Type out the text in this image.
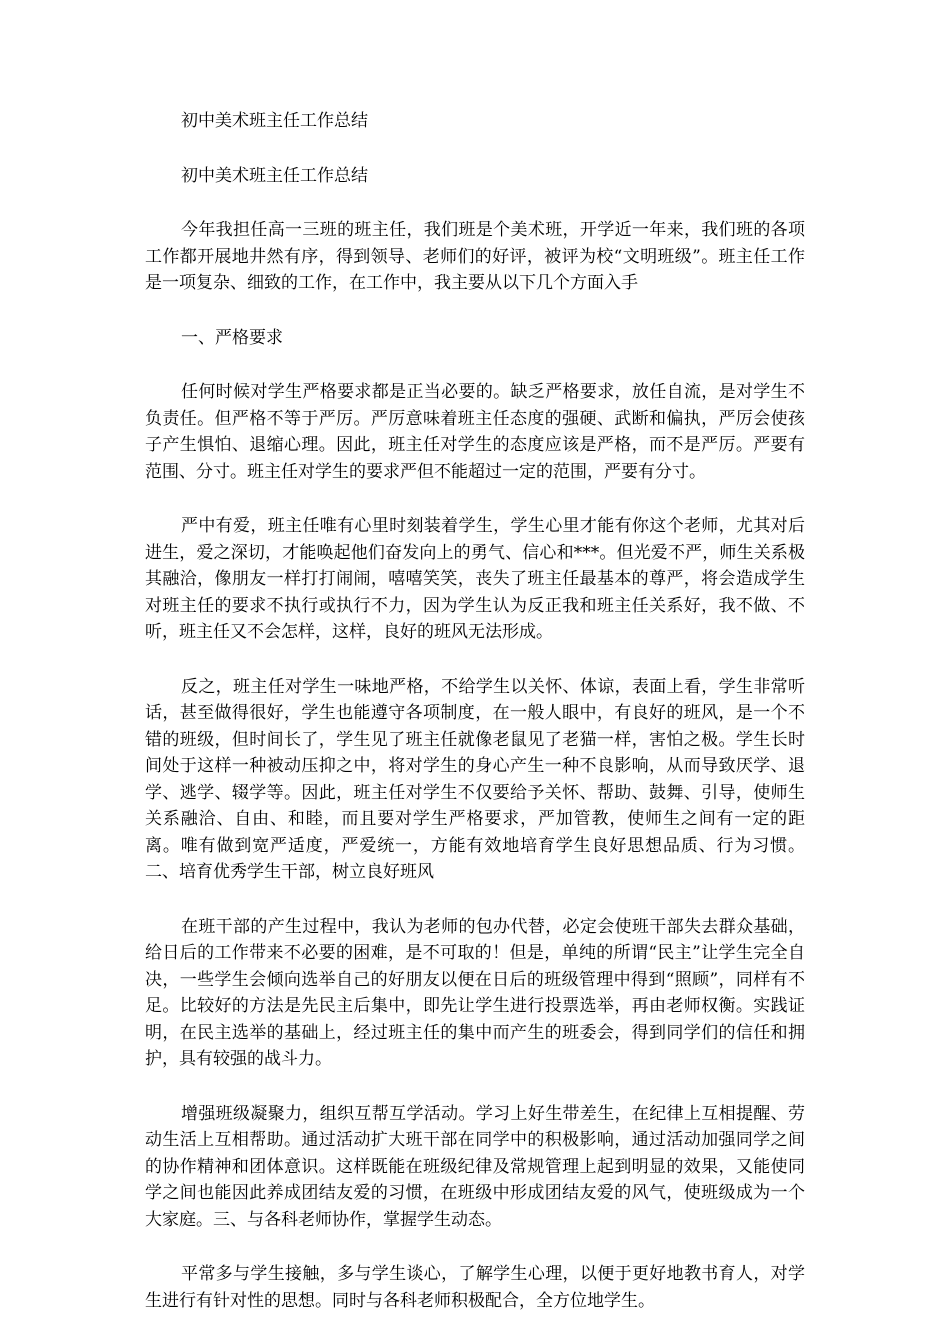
初中美术班主任工作总结

初中美术班主任工作总结

今年我担任高一三班的班主任，我们班是个美术班，开学近一年来，我们班的各项工作都开展地井然有序，得到领导、老师们的好评，被评为校“文明班级”。班主任工作是一项复杂、细致的工作，在工作中，我主要从以下几个方面入手

一、严格要求

任何时候对学生严格要求都是正当必要的。缺乏严格要求，放任自流，是对学生不负责任。但严格不等于严厉。严厉意味着班主任态度的强硬、武断和偏执，严厉会使孩子产生惧怕、退缩心理。因此，班主任对学生的态度应该是严格，而不是严厉。严要有范围、分寸。班主任对学生的要求严但不能超过一定的范围，严要有分寸。

严中有爱，班主任唯有心里时刻装着学生，学生心里才能有你这个老师，尤其对后进生，爱之深切，才能唤起他们奋发向上的勇气、信心和***。但光爱不严，师生关系极其融洽，像朋友一样打打闹闹，嘻嘻笑笑，丧失了班主任最基本的尊严，将会造成学生对班主任的要求不执行或执行不力，因为学生认为反正我和班主任关系好，我不做、不听，班主任又不会怎样，这样，良好的班风无法形成。

反之，班主任对学生一味地严格，不给学生以关怀、体谅，表面上看，学生非常听话，甚至做得很好，学生也能遵守各项制度，在一般人眼中，有良好的班风，是一个不错的班级，但时间长了，学生见了班主任就像老鼠见了老猫一样，害怕之极。学生长时间处于这样一种被动压抑之中，将对学生的身心产生一种不良影响，从而导致厌学、退学、逃学、辍学等。因此，班主任对学生不仅要给予关怀、帮助、鼓舞、引导，使师生关系融洽、自由、和睦，而且要对学生严格要求，严加管教，使师生之间有一定的距离。唯有做到宽严适度，严爱统一，方能有效地培育学生良好思想品质、行为习惯。二、培育优秀学生干部，树立良好班风

在班干部的产生过程中，我认为老师的包办代替，必定会使班干部失去群众基础，给日后的工作带来不必要的困难，是不可取的！但是，单纯的所谓“民主”让学生完全自决，一些学生会倾向选举自己的好朋友以便在日后的班级管理中得到“照顾”，同样有不足。比较好的方法是先民主后集中，即先让学生进行投票选举，再由老师权衡。实践证明，在民主选举的基础上，经过班主任的集中而产生的班委会，得到同学们的信任和拥护，具有较强的战斗力。

增强班级凝聚力，组织互帮互学活动。学习上好生带差生，在纪律上互相提醒、劳动生活上互相帮助。通过活动扩大班干部在同学中的积极影响，通过活动加强同学之间的协作精神和团体意识。这样既能在班级纪律及常规管理上起到明显的效果，又能使同学之间也能因此养成团结友爱的习惯，在班级中形成团结友爱的风气，使班级成为一个大家庭。三、与各科老师协作，掌握学生动态。

平常多与学生接触，多与学生谈心，了解学生心理，以便于更好地教书育人，对学生进行有针对性的思想。同时与各科老师积极配合，全方位地学生。
